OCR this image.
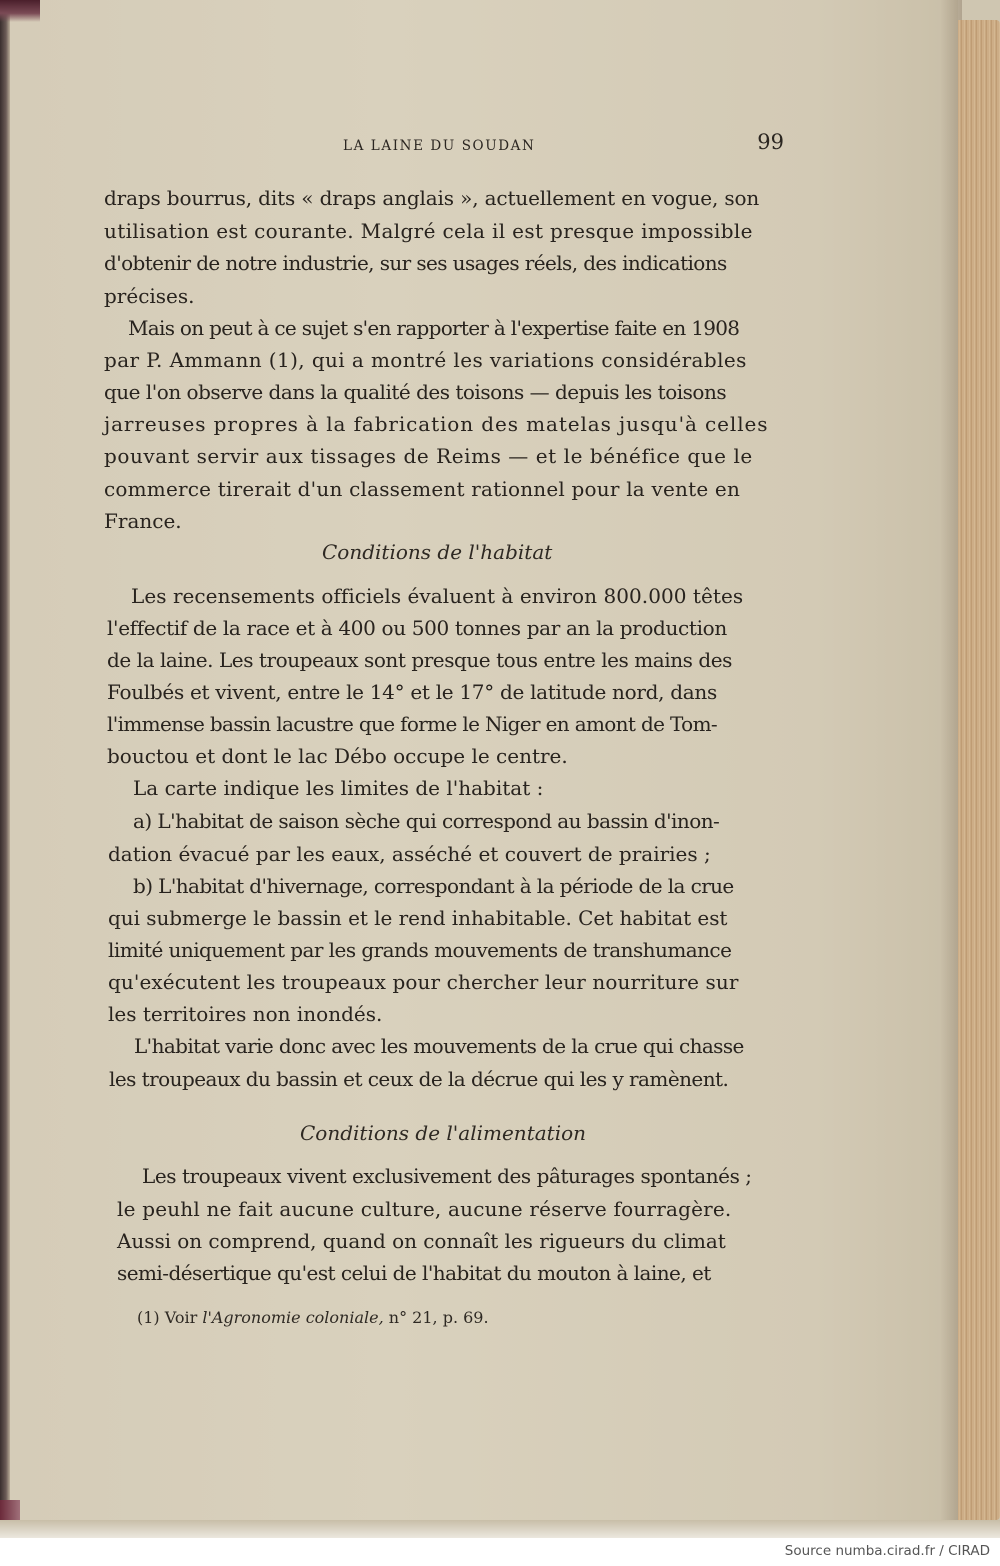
LA LAINE DU SOUDAN	99
draps bourrus, dits « draps anglais », actuellement en vogue, son
utilisation est courante. Malgré cela il est presque impossible
d'obtenir de notre industrie, sur ses usages réels, des indications
précises.
Mais on peut à ce sujet s'en rapporter à l'expertise faite en 1908
par P. Ammann (1), qui a montré les variations considérables
que l'on observe dans la qualité des toisons — depuis les toisons
jarreuses propres à la fabrication des matelas jusqu'à celles
pouvant servir aux tissages de Reims — et le bénéfice que le
commerce tirerait d'un classement rationnel pour la vente en
France.
Conditions de l'habitat
Les recensements officiels évaluent à environ 800.000 têtes
l'effectif de la race et à 400 ou 500 tonnes par an la production
de la laine. Les troupeaux sont presque tous entre les mains des
Foulbés et vivent, entre le 14° et le 17° de latitude nord, dans
l'immense bassin lacustre que forme le Niger en amont de Tom-
bouctou et dont le lac Débo occupe le centre.
La carte indique les limites de l'habitat :
a) L'habitat de saison sèche qui correspond au bassin d'inon-
dation évacué par les eaux, asséché et couvert de prairies ;
b) L'habitat d'hivernage, correspondant à la période de la crue
qui submerge le bassin et le rend inhabitable. Cet habitat est
limité uniquement par les grands mouvements de transhumance
qu'exécutent les troupeaux pour chercher leur nourriture sur
les territoires non inondés.
L'habitat varie donc avec les mouvements de la crue qui chasse
les troupeaux du bassin et ceux de la décrue qui les y ramènent.
Conditions de l'alimentation
Les troupeaux vivent exclusivement des pâturages spontanés ;
le peuhl ne fait aucune culture, aucune réserve fourragère.
Aussi on comprend, quand on connaît les rigueurs du climat
semi-désertique qu'est celui de l'habitat du mouton à laine, et
(1) Voir l'Agronomie coloniale, n° 21, p. 69.
Source numba.cirad.fr / CIRAD
